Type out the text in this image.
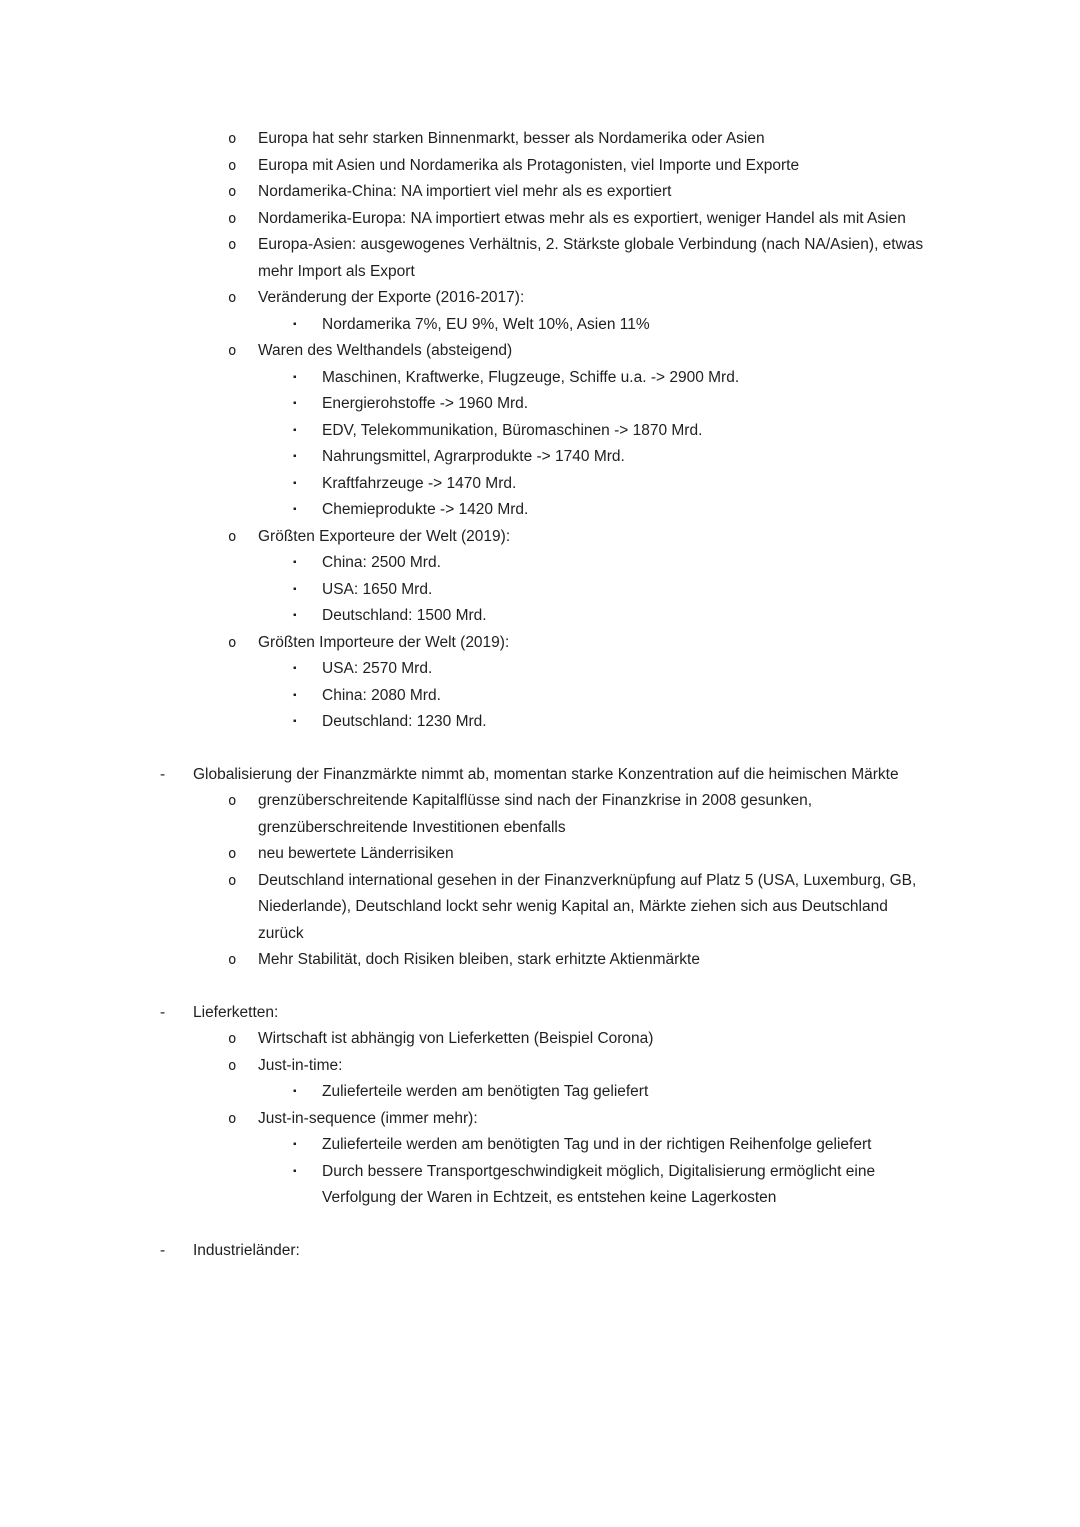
o	Europa hat sehr starken Binnenmarkt, besser als Nordamerika oder Asien
o	Europa mit Asien und Nordamerika als Protagonisten, viel Importe und Exporte
o	Nordamerika-China: NA importiert viel mehr als es exportiert
o	Nordamerika-Europa: NA importiert etwas mehr als es exportiert, weniger Handel als mit Asien
o	Europa-Asien: ausgewogenes Verhältnis, 2. Stärkste globale Verbindung (nach NA/Asien), etwas mehr Import als Export
o	Veränderung der Exporte (2016-2017):
▪	Nordamerika 7%, EU 9%, Welt 10%, Asien 11%
o	Waren des Welthandels (absteigend)
▪	Maschinen, Kraftwerke, Flugzeuge, Schiffe u.a. -> 2900 Mrd.
▪	Energierohstoffe -> 1960 Mrd.
▪	EDV, Telekommunikation, Büromaschinen -> 1870 Mrd.
▪	Nahrungsmittel, Agrarprodukte -> 1740 Mrd.
▪	Kraftfahrzeuge -> 1470 Mrd.
▪	Chemieprodukte -> 1420 Mrd.
o	Größten Exporteure der Welt (2019):
▪	China: 2500 Mrd.
▪	USA: 1650 Mrd.
▪	Deutschland: 1500 Mrd.
o	Größten Importeure der Welt (2019):
▪	USA: 2570 Mrd.
▪	China: 2080 Mrd.
▪	Deutschland: 1230 Mrd.
-	Globalisierung der Finanzmärkte nimmt ab, momentan starke Konzentration auf die heimischen Märkte
o	grenzüberschreitende Kapitalflüsse sind nach der Finanzkrise in 2008 gesunken, grenzüberschreitende Investitionen ebenfalls
o	neu bewertete Länderrisiken
o	Deutschland international gesehen in der Finanzverknüpfung auf Platz 5 (USA, Luxemburg, GB, Niederlande), Deutschland lockt sehr wenig Kapital an, Märkte ziehen sich aus Deutschland zurück
o	Mehr Stabilität, doch Risiken bleiben, stark erhitzte Aktienmärkte
-	Lieferketten:
o	Wirtschaft ist abhängig von Lieferketten (Beispiel Corona)
o	Just-in-time:
▪	Zulieferteile werden am benötigten Tag geliefert
o	Just-in-sequence (immer mehr):
▪	Zulieferteile werden am benötigten Tag und in der richtigen Reihenfolge geliefert
▪	Durch bessere Transportgeschwindigkeit möglich, Digitalisierung ermöglicht eine Verfolgung der Waren in Echtzeit, es entstehen keine Lagerkosten
-	Industrieländer:
